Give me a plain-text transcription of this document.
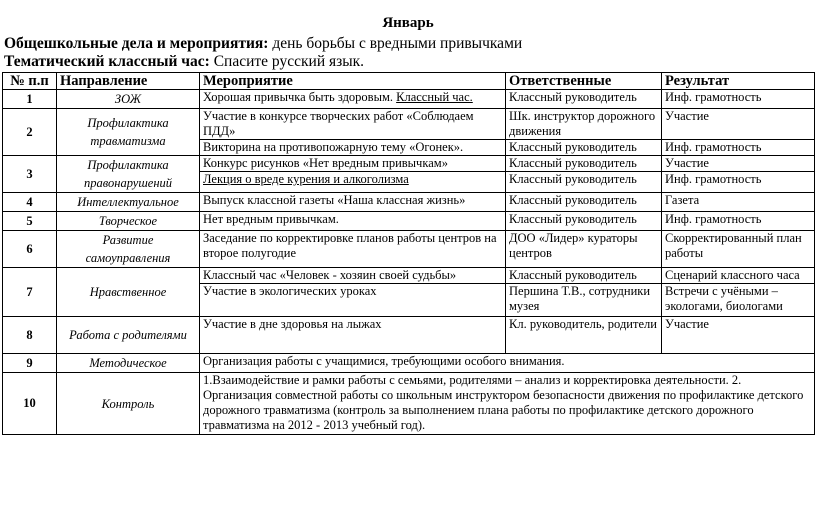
Январь
Общешкольные дела и мероприятия: день борьбы с вредными привычками
Тематический классный час: Спасите русский язык.
№ п.п	Направление	Мероприятие	Ответственные	Результат
1	ЗОЖ	Хорошая привычка быть здоровым. Классный час.	Классный руководитель	Инф. грамотность
2	Профилактика травматизма	Участие в конкурсе творческих работ «Соблюдаем ПДД»	Шк. инструктор дорожного движения	Участие
		Викторина на противопожарную тему «Огонек».	Классный руководитель	Инф. грамотность
3	Профилактика правонарушений	Конкурс рисунков «Нет вредным привычкам»	Классный руководитель	Участие
		Лекция о вреде курения и алкоголизма	Классный руководитель	Инф. грамотность
4	Интеллектуальное	Выпуск классной газеты «Наша классная жизнь»	Классный руководитель	Газета
5	Творческое	Нет вредным привычкам.	Классный руководитель	Инф. грамотность
6	Развитие самоуправления	Заседание по корректировке планов работы центров на второе полугодие	ДОО «Лидер» кураторы центров	Скорректированный план работы
7	Нравственное	Классный час «Человек - хозяин своей судьбы»	Классный руководитель	Сценарий классного часа
		Участие в экологических уроках	Першина Т.В., сотрудники музея	Встречи с учёными – экологами, биологами
8	Работа с родителями	Участие в дне здоровья на лыжах	Кл. руководитель, родители	Участие
9	Методическое	Организация работы с учащимися, требующими особого внимания.		
10	Контроль	1.Взаимодействие и рамки работы с семьями, родителями – анализ и корректировка деятельности. 2. Организация совместной работы со школьным инструктором безопасности движения по профилактике детского дорожного травматизма (контроль за выполнением плана работы по профилактике детского дорожного травматизма на 2012 - 2013 учебный год).		
